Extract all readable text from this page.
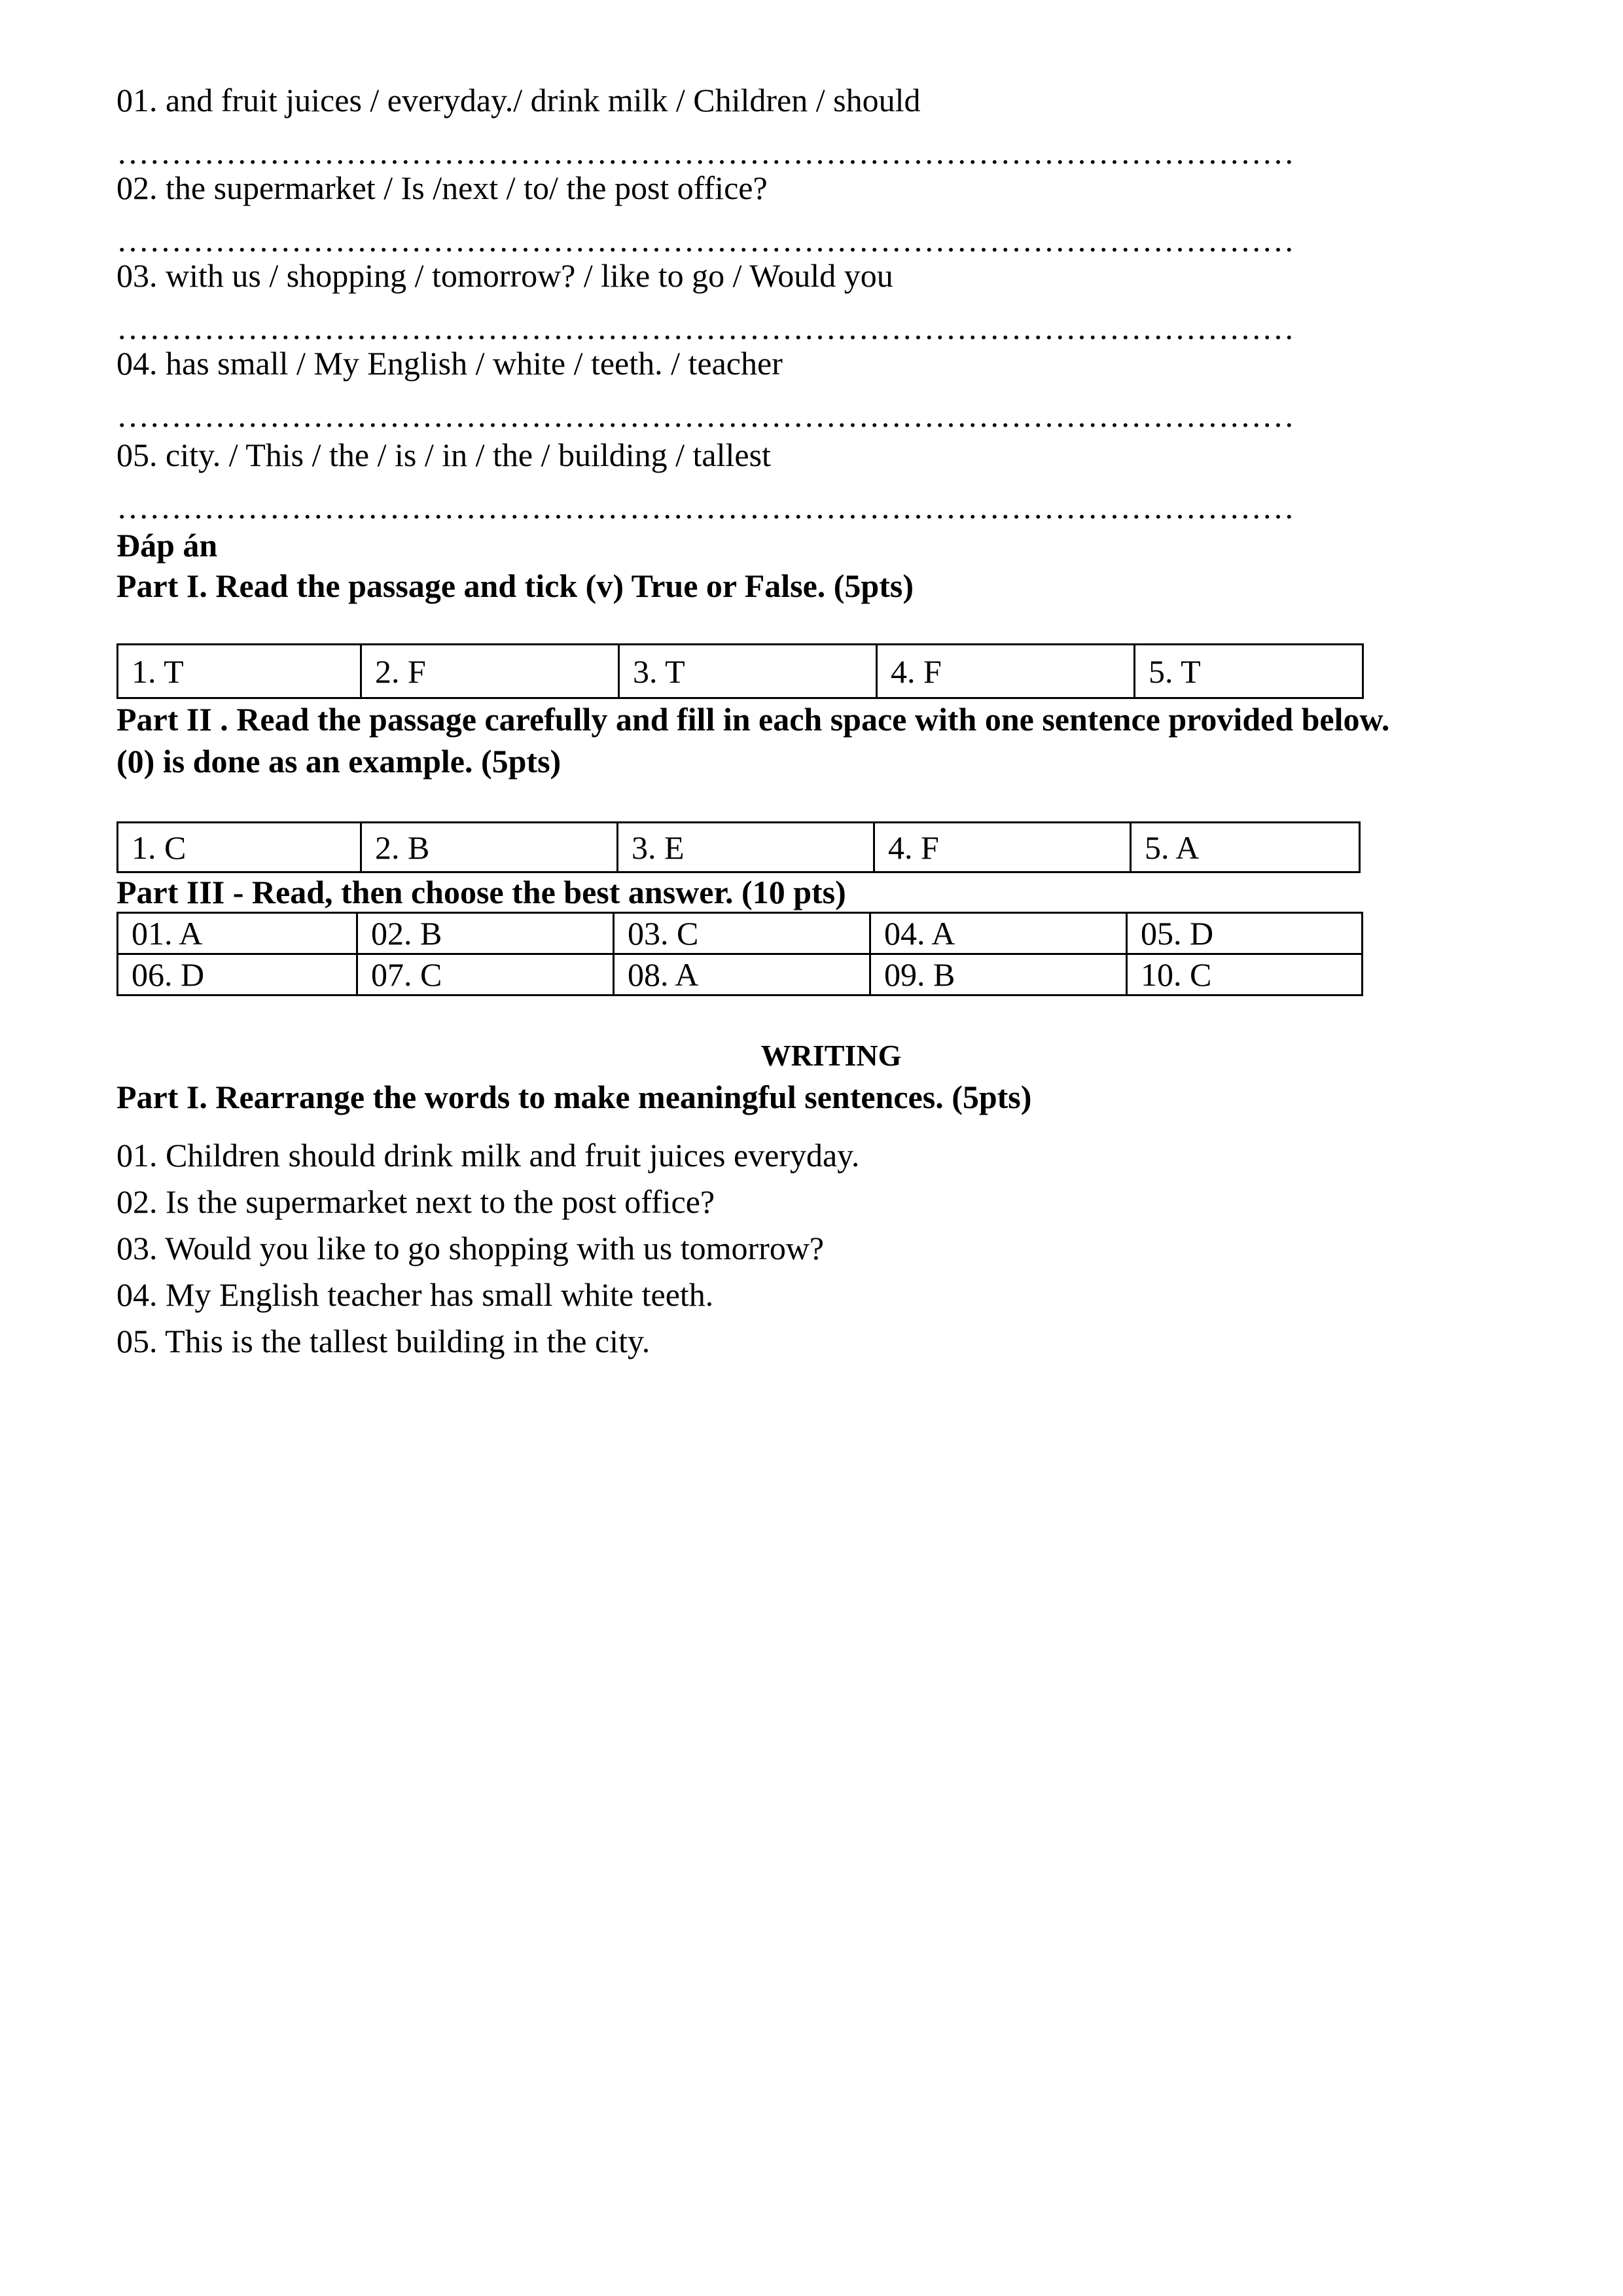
01. and fruit juices / everyday./ drink milk / Children / should
………………………………………………………………………………………………
02. the supermarket / Is /next / to/ the post office?
………………………………………………………………………………………………
03. with us / shopping / tomorrow? / like to go / Would you
………………………………………………………………………………………………
04. has small / My English / white / teeth. / teacher
………………………………………………………………………………………………
05. city. / This / the / is / in / the / building / tallest
………………………………………………………………………………………………
Đáp án
Part I. Read the passage and tick (v) True or False. (5pts)
1. T	2. F	3. T	4. F	5. T
Part II . Read the passage carefully and fill in each space with one sentence provided below.
(0) is done as an example. (5pts)
1. C	2. B	3. E	4. F	5. A
Part III - Read, then choose the best answer. (10 pts)
01. A	02. B	03. C	04. A	05. D
06. D	07. C	08. A	09. B	10. C
WRITING
Part I. Rearrange the words to make meaningful sentences. (5pts)
01. Children should drink milk and fruit juices everyday.
02. Is the supermarket next to the post office?
03. Would you like to go shopping with us tomorrow?
04. My English teacher has small white teeth.
05. This is the tallest building in the city.
